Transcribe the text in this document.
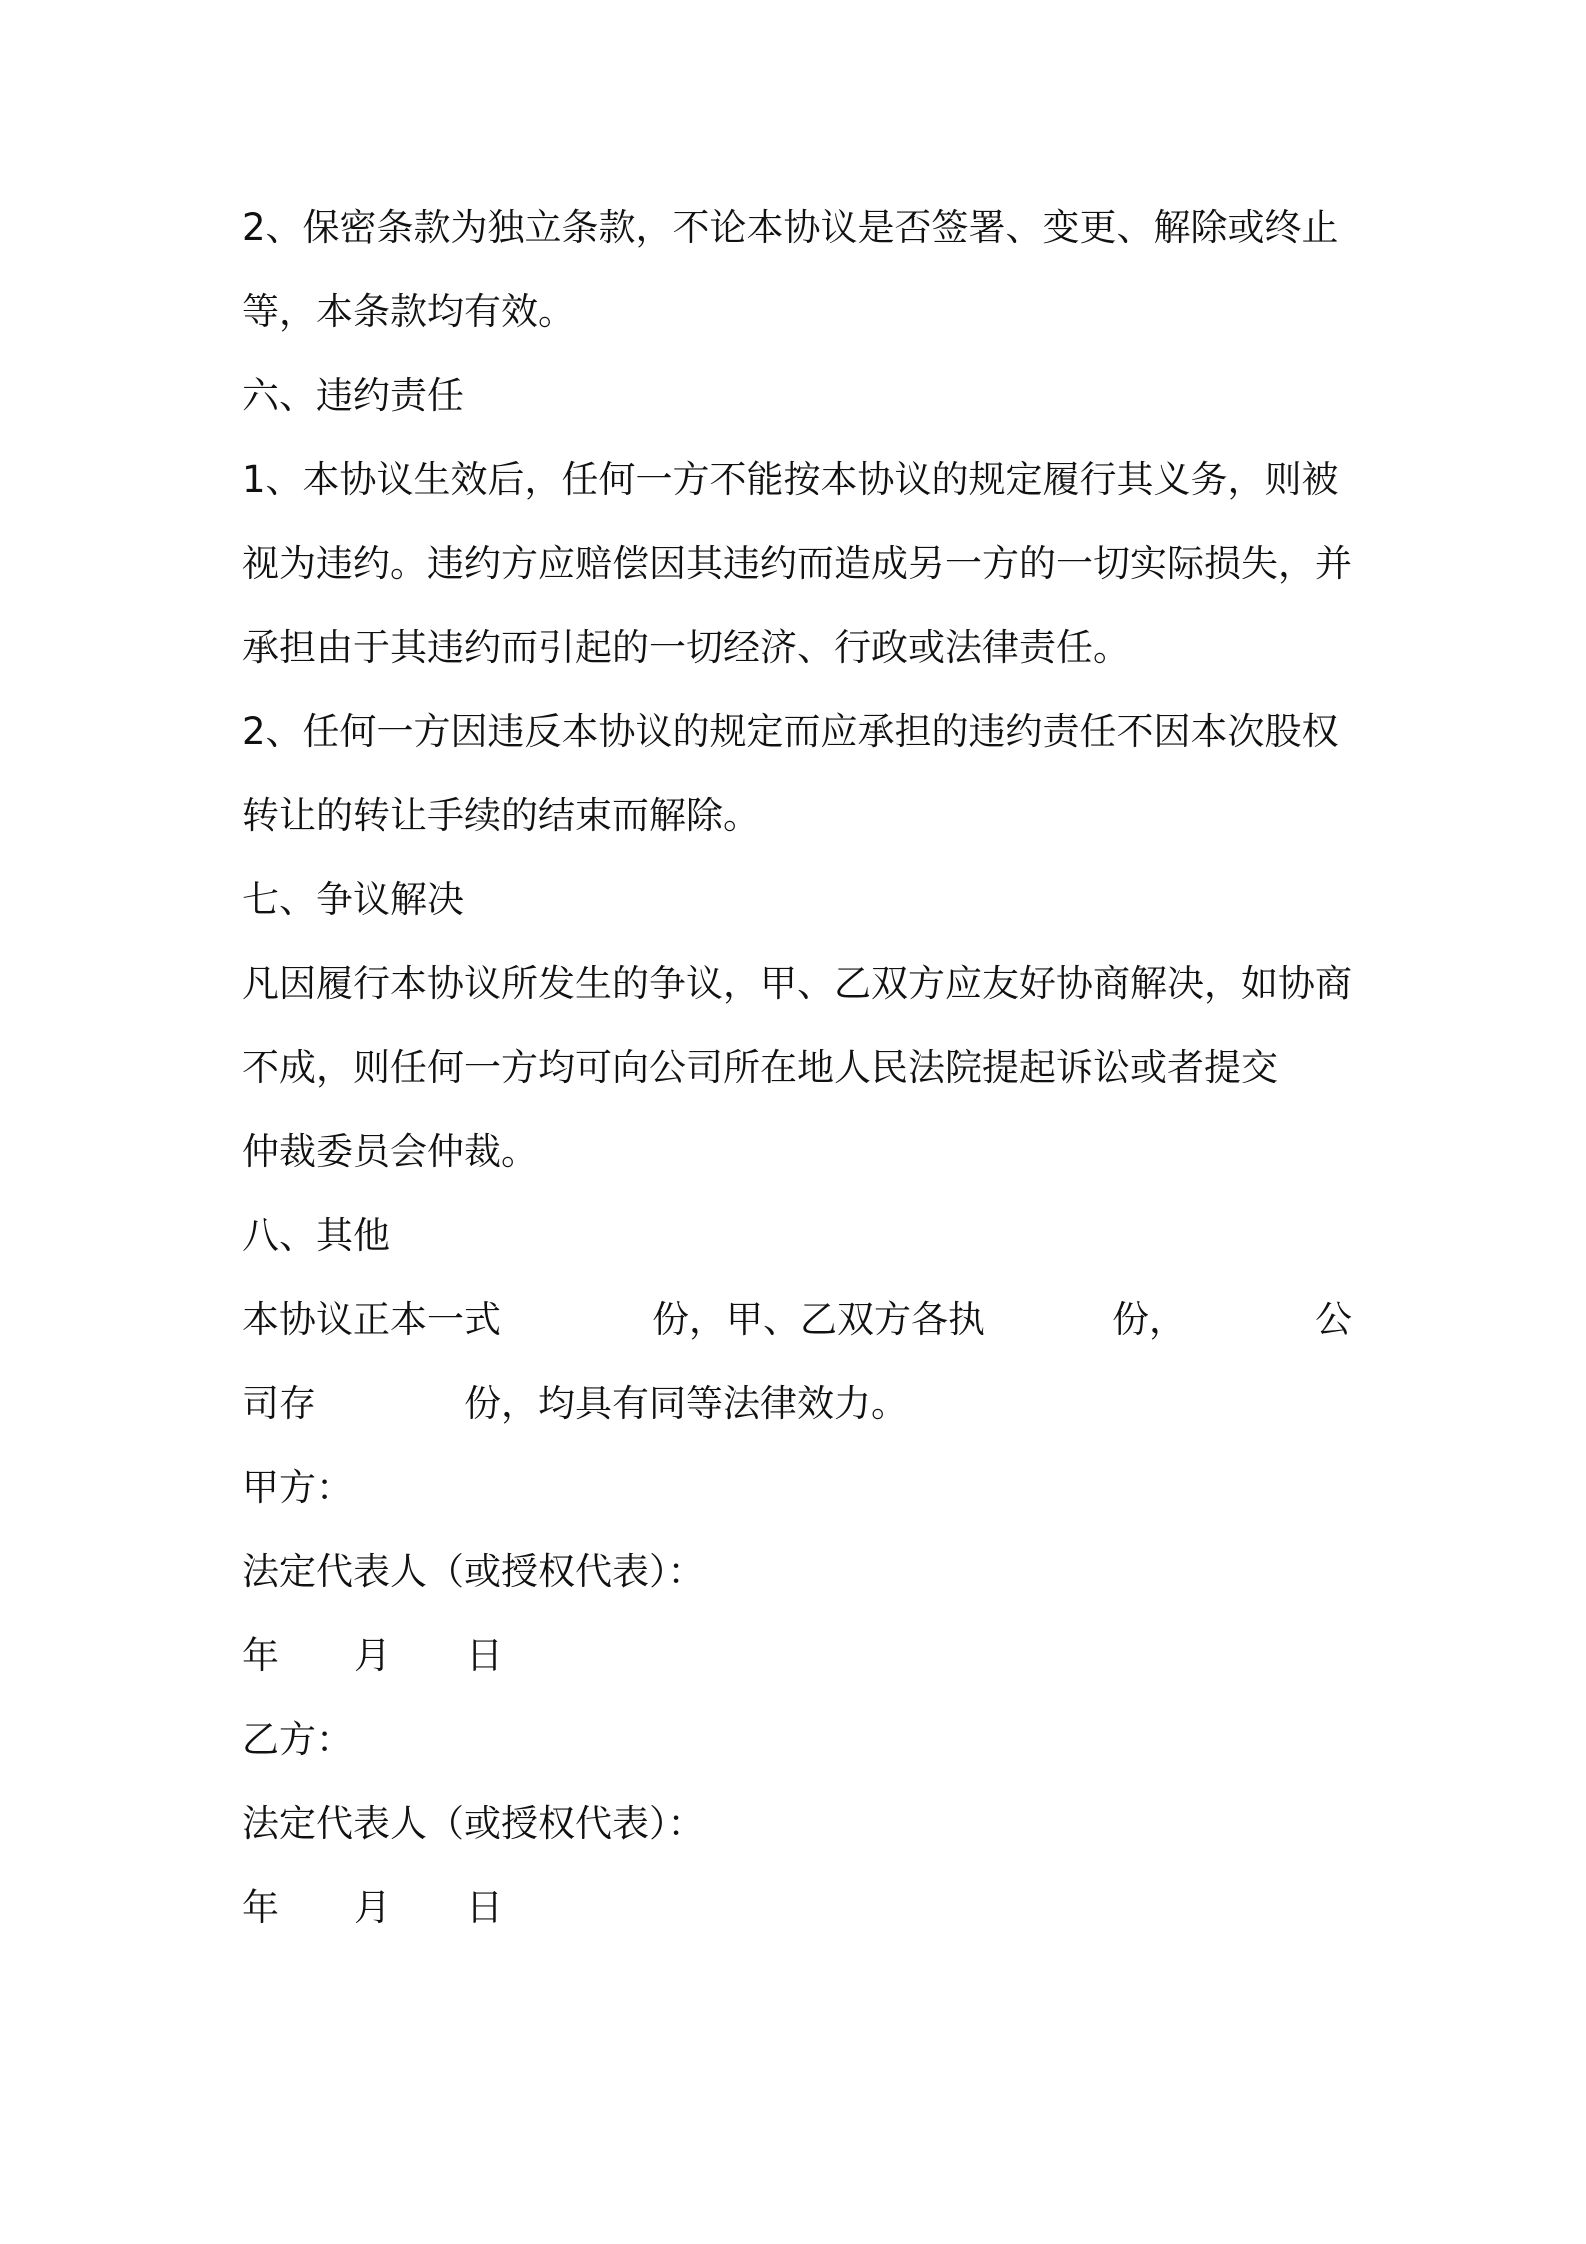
2、保密条款为独立条款，不论本协议是否签署、变更、解除或终止
等，本条款均有效。
六、违约责任
1、本协议生效后，任何一方不能按本协议的规定履行其义务，则被
视为违约。违约方应赔偿因其违约而造成另一方的一切实际损失，并
承担由于其违约而引起的一切经济、行政或法律责任。
2、任何一方因违反本协议的规定而应承担的违约责任不因本次股权
转让的转让手续的结束而解除。
七、争议解决
凡因履行本协议所发生的争议，甲、乙双方应友好协商解决，如协商
不成，则任何一方均可向公司所在地人民法院提起诉讼或者提交
仲裁委员会仲裁。
八、其他
本协议正本一式	份，甲、乙双方各执	份，	公
司存	份，均具有同等法律效力。
甲方：
法定代表人（或授权代表）：
年	月	日
乙方：
法定代表人（或授权代表）：
年	月	日
